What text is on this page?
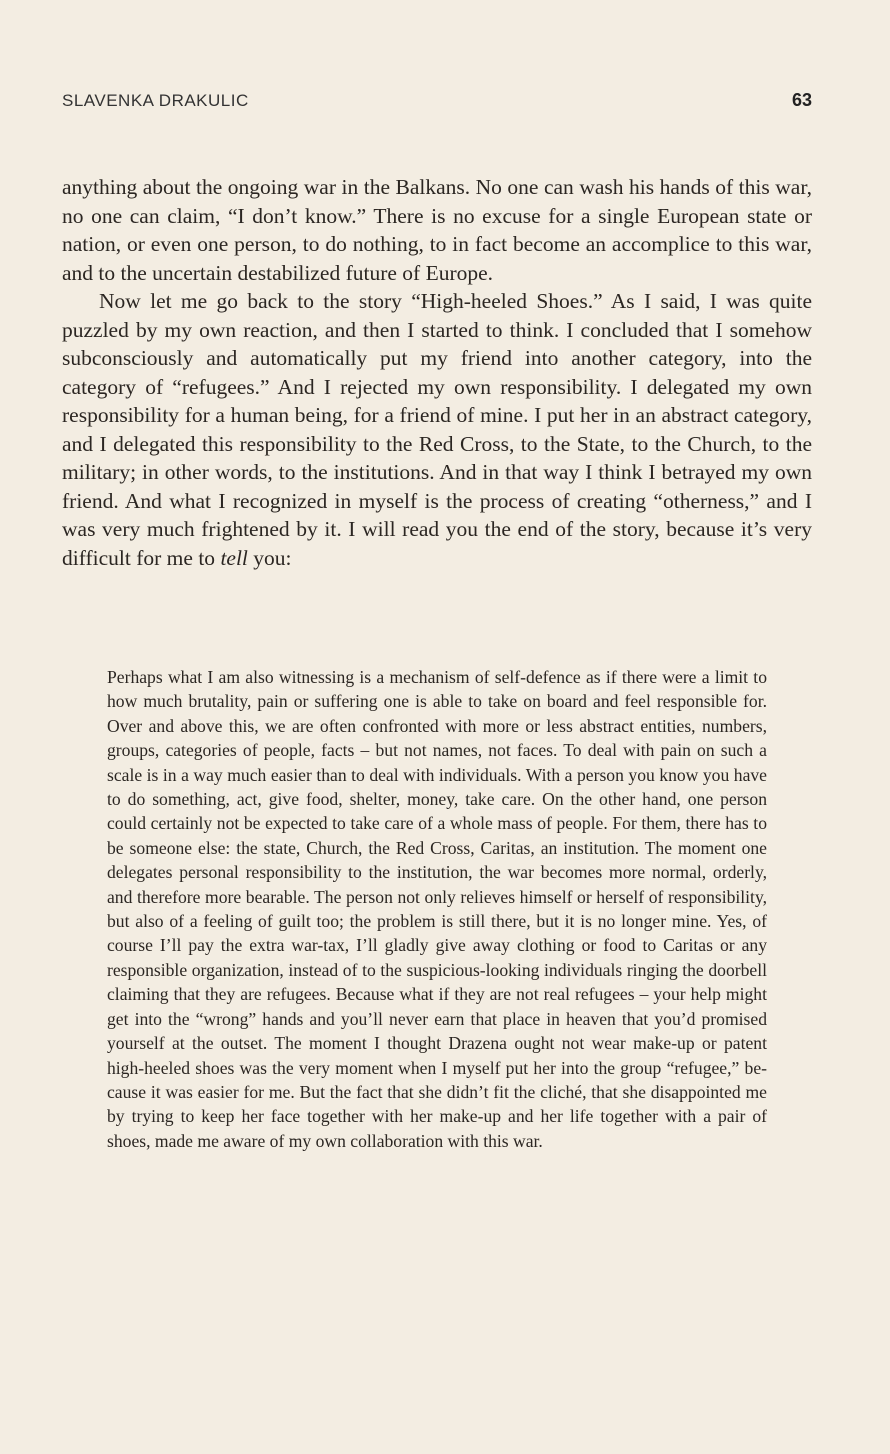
SLAVENKA DRAKULIC	63

anything about the ongoing war in the Balkans. No one can wash his hands of this war, no one can claim, “I don’t know.” There is no excuse for a single European state or nation, or even one person, to do nothing, to in fact become an accomplice to this war, and to the uncertain destabilized future of Europe.

Now let me go back to the story “High-heeled Shoes.” As I said, I was quite puzzled by my own reaction, and then I started to think. I concluded that I somehow subconsciously and automatically put my friend into another category, into the category of “refugees.” And I rejected my own responsibility. I delegated my own responsibility for a human being, for a friend of mine. I put her in an abstract category, and I delegated this responsibility to the Red Cross, to the State, to the Church, to the military; in other words, to the institutions. And in that way I think I betrayed my own friend. And what I recognized in myself is the process of creating “otherness,” and I was very much frightened by it. I will read you the end of the story, because it’s very difficult for me to tell you:

Perhaps what I am also witnessing is a mechanism of self-defence as if there were a limit to how much brutality, pain or suffering one is able to take on board and feel responsible for. Over and above this, we are often confronted with more or less abstract entities, numbers, groups, categories of people, facts – but not names, not faces. To deal with pain on such a scale is in a way much easier than to deal with individuals. With a person you know you have to do something, act, give food, shelter, money, take care. On the other hand, one person could certainly not be expected to take care of a whole mass of people. For them, there has to be someone else: the state, Church, the Red Cross, Caritas, an institution. The moment one delegates personal responsibility to the institution, the war becomes more normal, orderly, and therefore more bearable. The person not only relieves himself or herself of responsibility, but also of a feeling of guilt too; the problem is still there, but it is no longer mine. Yes, of course I’ll pay the extra war-tax, I’ll gladly give away clothing or food to Caritas or any responsible organization, instead of to the suspicious-looking individuals ringing the doorbell claiming that they are refugees. Because what if they are not real refugees – your help might get into the “wrong” hands and you’ll never earn that place in heaven that you’d promised yourself at the outset. The moment I thought Drazena ought not wear make-up or patent high-heeled shoes was the very moment when I myself put her into the group “refugee,” because it was easier for me. But the fact that she didn’t fit the cliché, that she disappointed me by trying to keep her face together with her make-up and her life together with a pair of shoes, made me aware of my own collaboration with this war.
